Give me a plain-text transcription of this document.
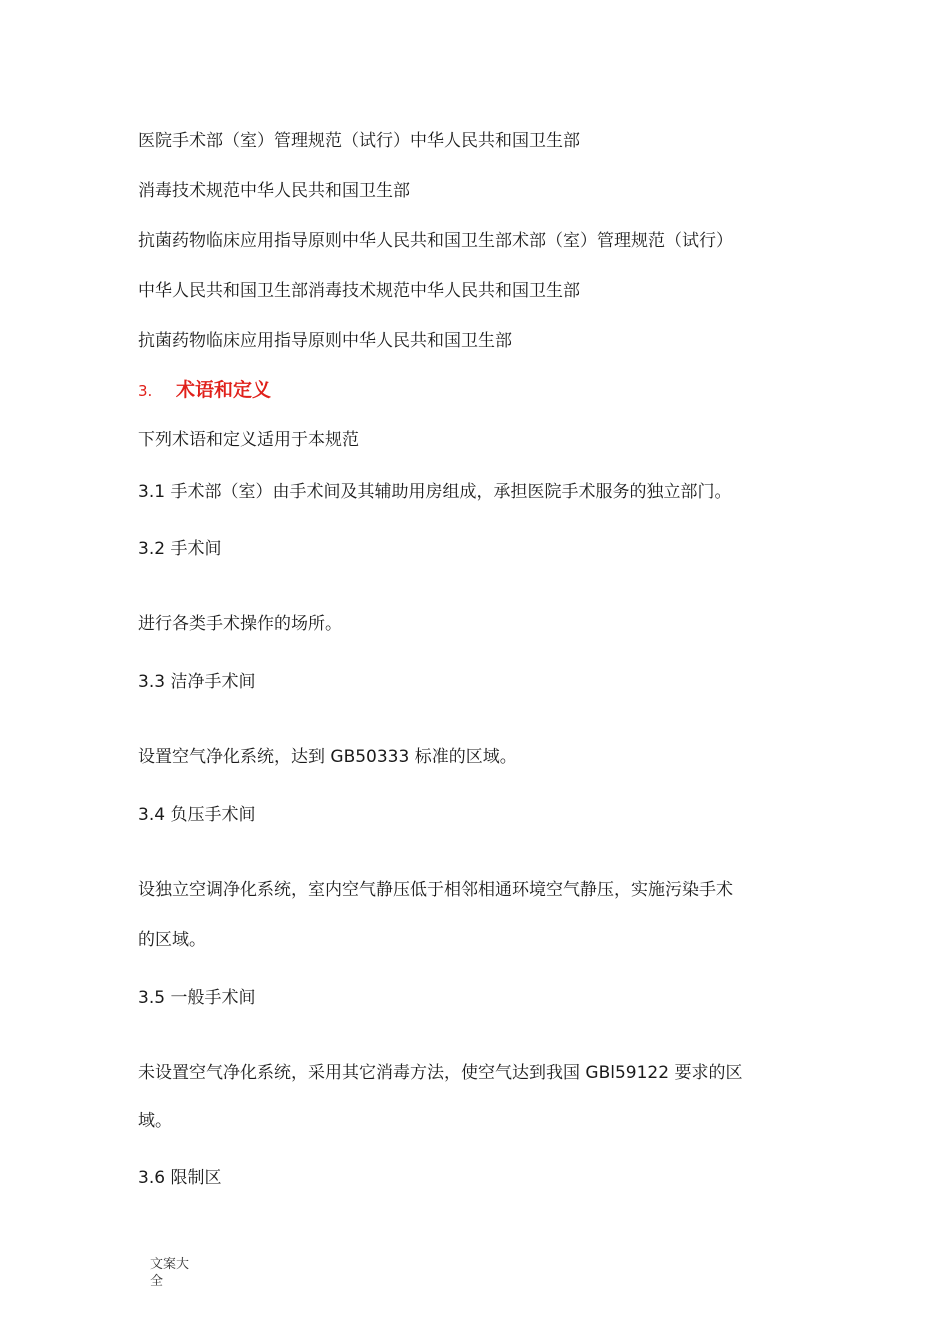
医院手术部（室）管理规范（试行）中华人民共和国卫生部

消毒技术规范中华人民共和国卫生部

抗菌药物临床应用指导原则中华人民共和国卫生部术部（室）管理规范（试行）

中华人民共和国卫生部消毒技术规范中华人民共和国卫生部

抗菌药物临床应用指导原则中华人民共和国卫生部

3. 术语和定义

下列术语和定义适用于本规范

3.1 手术部（室）由手术间及其辅助用房组成，承担医院手术服务的独立部门。

3.2 手术间

进行各类手术操作的场所。

3.3 洁净手术间

设置空气净化系统，达到 GB50333 标准的区域。

3.4 负压手术间

设独立空调净化系统，室内空气静压低于相邻相通环境空气静压，实施污染手术

的区域。

3.5 一般手术间

未设置空气净化系统，采用其它消毒方法，使空气达到我国 GBl59122 要求的区

域。

3.6 限制区

文案大全
